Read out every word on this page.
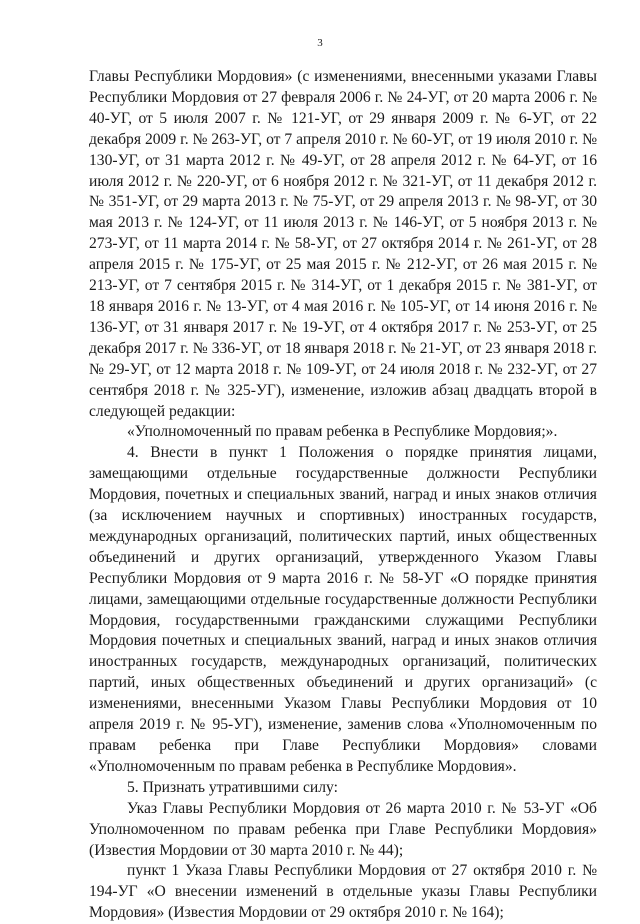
3

Главы Республики Мордовия» (с изменениями, внесенными указами Главы Республики Мордовия от 27 февраля 2006 г. № 24-УГ, от 20 марта 2006 г. № 40-УГ, от 5 июля 2007 г. № 121-УГ, от 29 января 2009 г. № 6-УГ, от 22 декабря 2009 г. № 263-УГ, от 7 апреля 2010 г. № 60-УГ, от 19 июля 2010 г. № 130-УГ, от 31 марта 2012 г. № 49-УГ, от 28 апреля 2012 г. № 64-УГ, от 16 июля 2012 г. № 220-УГ, от 6 ноября 2012 г. № 321-УГ, от 11 декабря 2012 г. № 351-УГ, от 29 марта 2013 г. № 75-УГ, от 29 апреля 2013 г. № 98-УГ, от 30 мая 2013 г. № 124-УГ, от 11 июля 2013 г. № 146-УГ, от 5 ноября 2013 г. № 273-УГ, от 11 марта 2014 г. № 58-УГ, от 27 октября 2014 г. № 261-УГ, от 28 апреля 2015 г. № 175-УГ, от 25 мая 2015 г. № 212-УГ, от 26 мая 2015 г. № 213-УГ, от 7 сентября 2015 г. № 314-УГ, от 1 декабря 2015 г. № 381-УГ, от 18 января 2016 г. № 13-УГ, от 4 мая 2016 г. № 105-УГ, от 14 июня 2016 г. № 136-УГ, от 31 января 2017 г. № 19-УГ, от 4 октября 2017 г. № 253-УГ, от 25 декабря 2017 г. № 336-УГ, от 18 января 2018 г. № 21-УГ, от 23 января 2018 г. № 29-УГ, от 12 марта 2018 г. № 109-УГ, от 24 июля 2018 г. № 232-УГ, от 27 сентября 2018 г. № 325-УГ), изменение, изложив абзац двадцать второй в следующей редакции:

«Уполномоченный по правам ребенка в Республике Мордовия;».

4. Внести в пункт 1 Положения о порядке принятия лицами, замещающими отдельные государственные должности Республики Мордовия, почетных и специальных званий, наград и иных знаков отличия (за исключением научных и спортивных) иностранных государств, международных организаций, политических партий, иных общественных объединений и других организаций, утвержденного Указом Главы Республики Мордовия от 9 марта 2016 г. № 58-УГ «О порядке принятия лицами, замещающими отдельные государственные должности Республики Мордовия, государственными гражданскими служащими Республики Мордовия почетных и специальных званий, наград и иных знаков отличия иностранных государств, международных организаций, политических партий, иных общественных объединений и других организаций» (с изменениями, внесенными Указом Главы Республики Мордовия от 10 апреля 2019 г. № 95-УГ), изменение, заменив слова «Уполномоченным по правам ребенка при Главе Республики Мордовия» словами «Уполномоченным по правам ребенка в Республике Мордовия».

5. Признать утратившими силу:

Указ Главы Республики Мордовия от 26 марта 2010 г. № 53-УГ «Об Уполномоченном по правам ребенка при Главе Республики Мордовия» (Известия Мордовии от 30 марта 2010 г. № 44);

пункт 1 Указа Главы Республики Мордовия от 27 октября 2010 г. № 194-УГ «О внесении изменений в отдельные указы Главы Республики Мордовия» (Известия Мордовии от 29 октября 2010 г. № 164);
